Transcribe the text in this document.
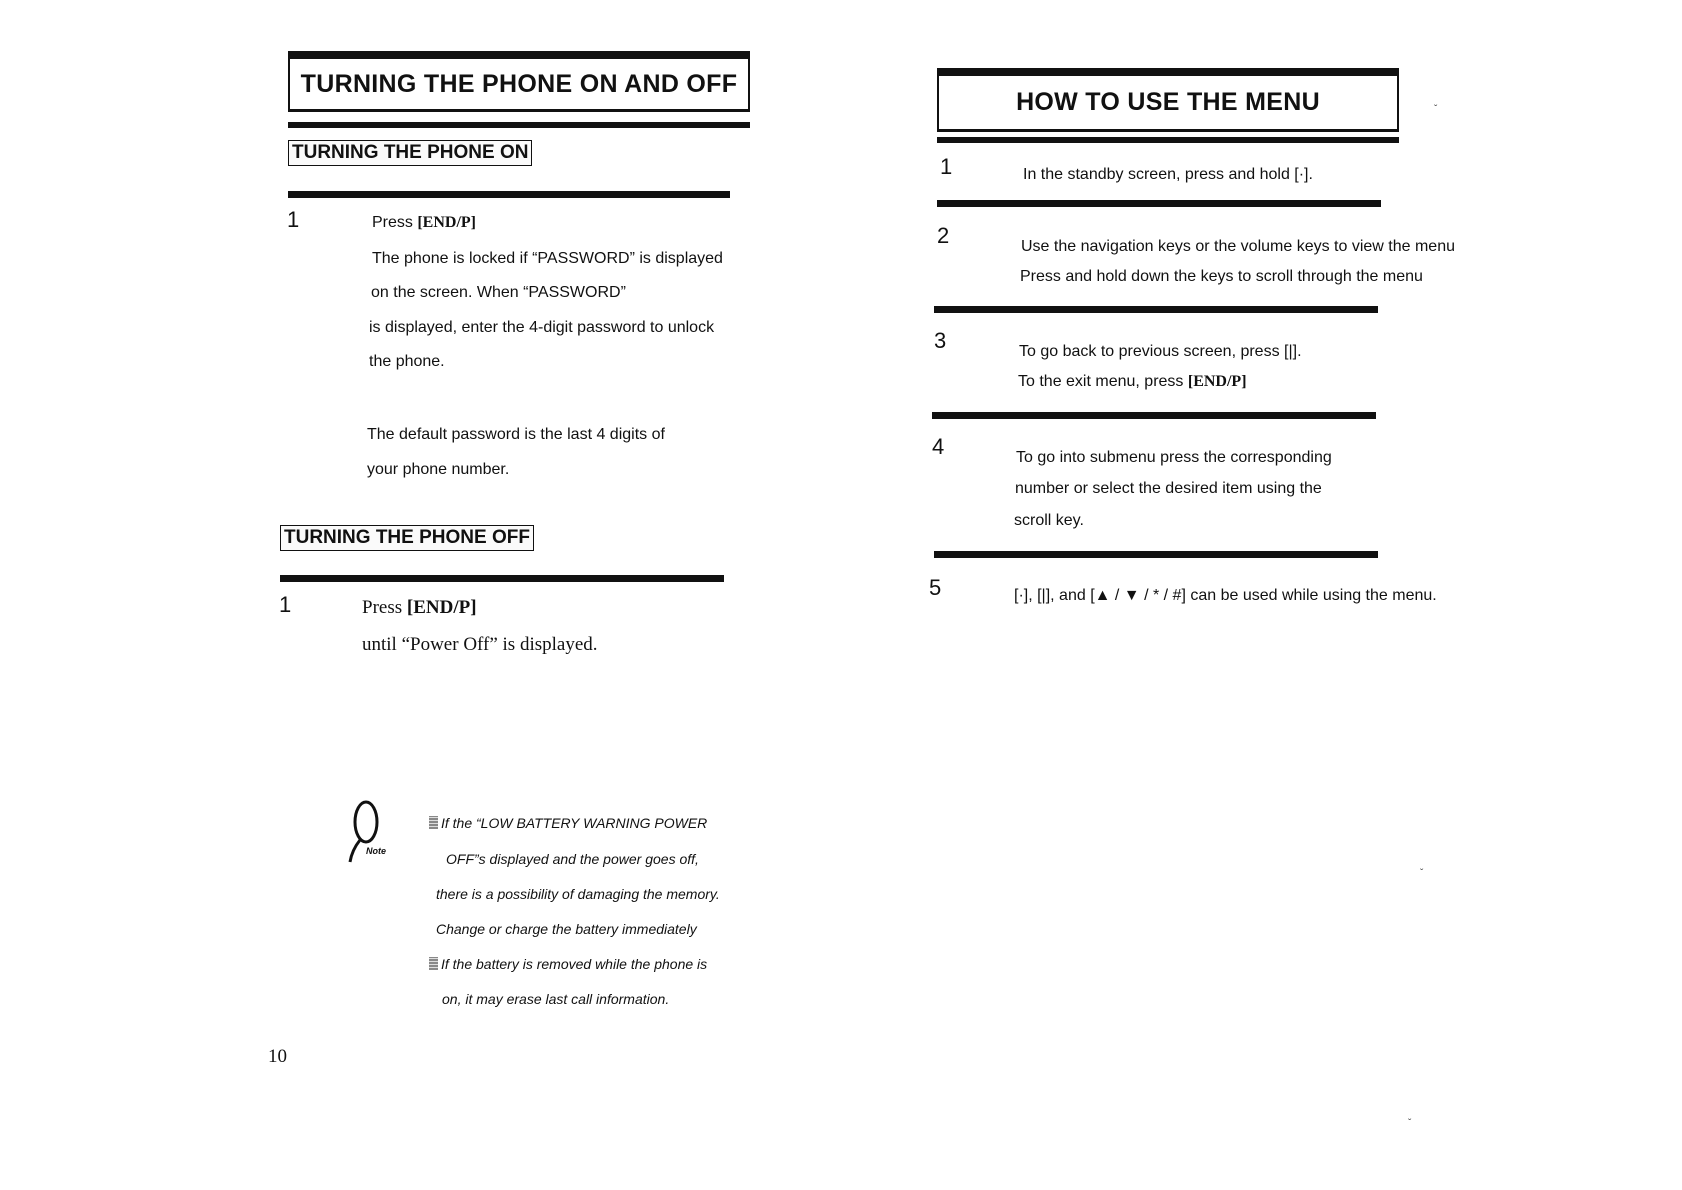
TURNING THE PHONE ON AND OFF
TURNING THE PHONE ON
1	Press [END/P]
The phone is locked if “PASSWORD” is displayed
on the screen. When “PASSWORD”
is displayed, enter the 4-digit password to unlock
the phone.
The default password is the last 4 digits of
your phone number.
TURNING THE PHONE OFF
1	Press [END/P]
until “Power Off” is displayed.
Note
If the “LOW BATTERY WARNING POWER
OFF”s displayed and the power goes off,
there is a possibility of damaging the memory.
Change or charge the battery immediately
If the battery is removed while the phone is
on, it may erase last call information.
10
HOW TO USE THE MENU
1	In the standby screen, press and hold [·].
2	Use the navigation keys or the volume keys to view the menu
Press and hold down the keys to scroll through the menu
3	To go back to previous screen, press [|].
To the exit menu, press [END/P]
4	To go into submenu press the corresponding
number or select the desired item using the
scroll key.
5	[·], [|], and [▲ / ▼ / * / #] can be used while using the menu.
ˇ
ˇ
ˇ
